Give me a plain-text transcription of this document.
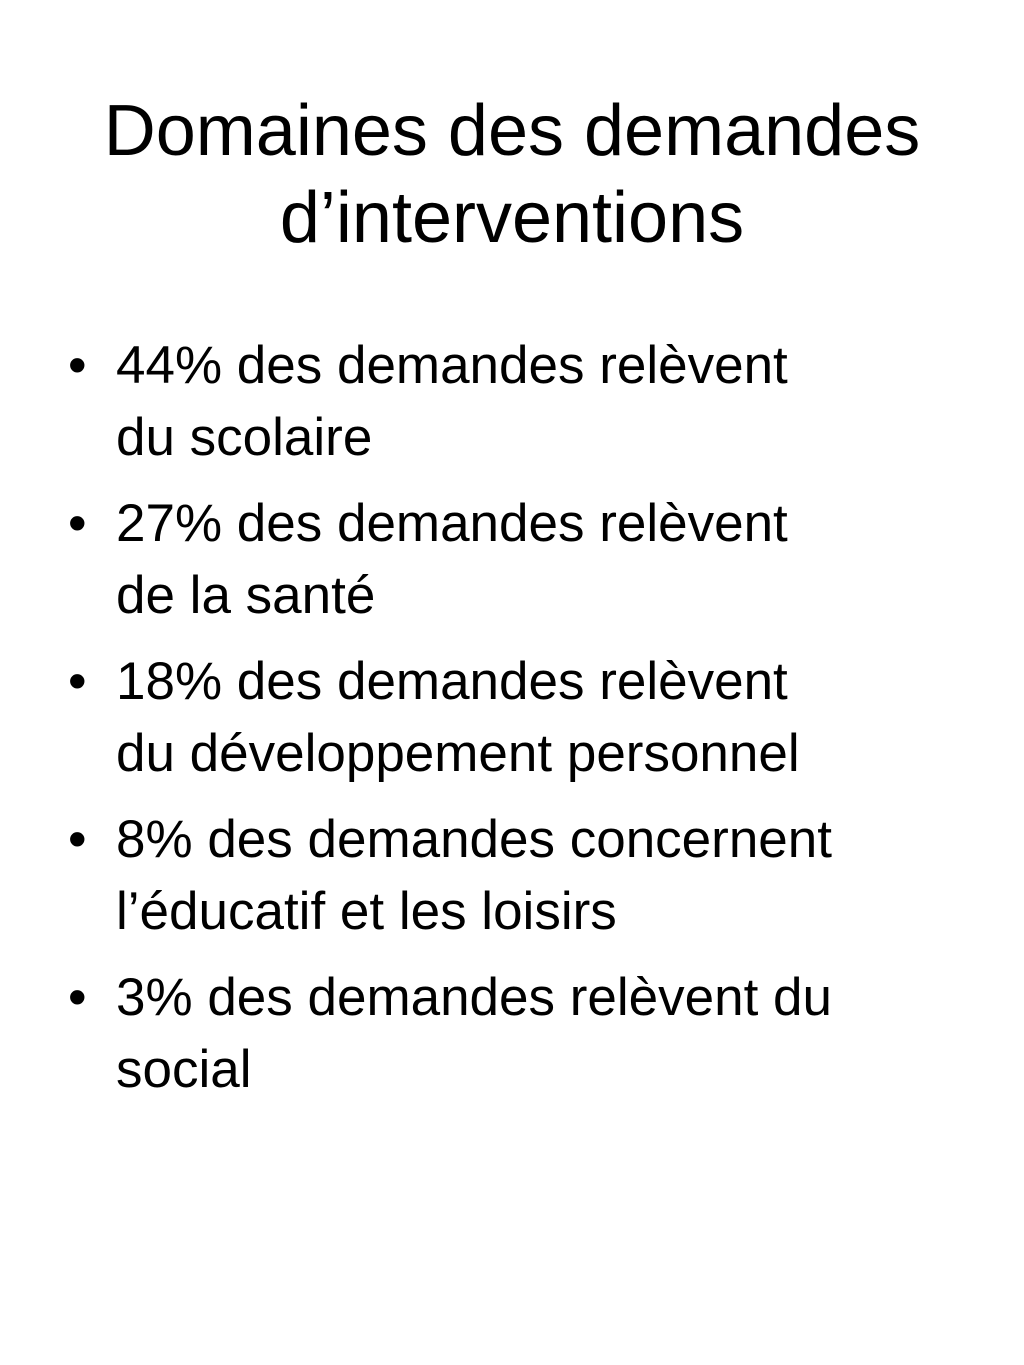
Domaines des demandes
d’interventions
• 44% des demandes relèvent
du scolaire
• 27% des demandes relèvent
de la santé
• 18% des demandes relèvent
du développement personnel
• 8% des demandes concernent
l’éducatif et les loisirs
• 3% des demandes relèvent du
social
